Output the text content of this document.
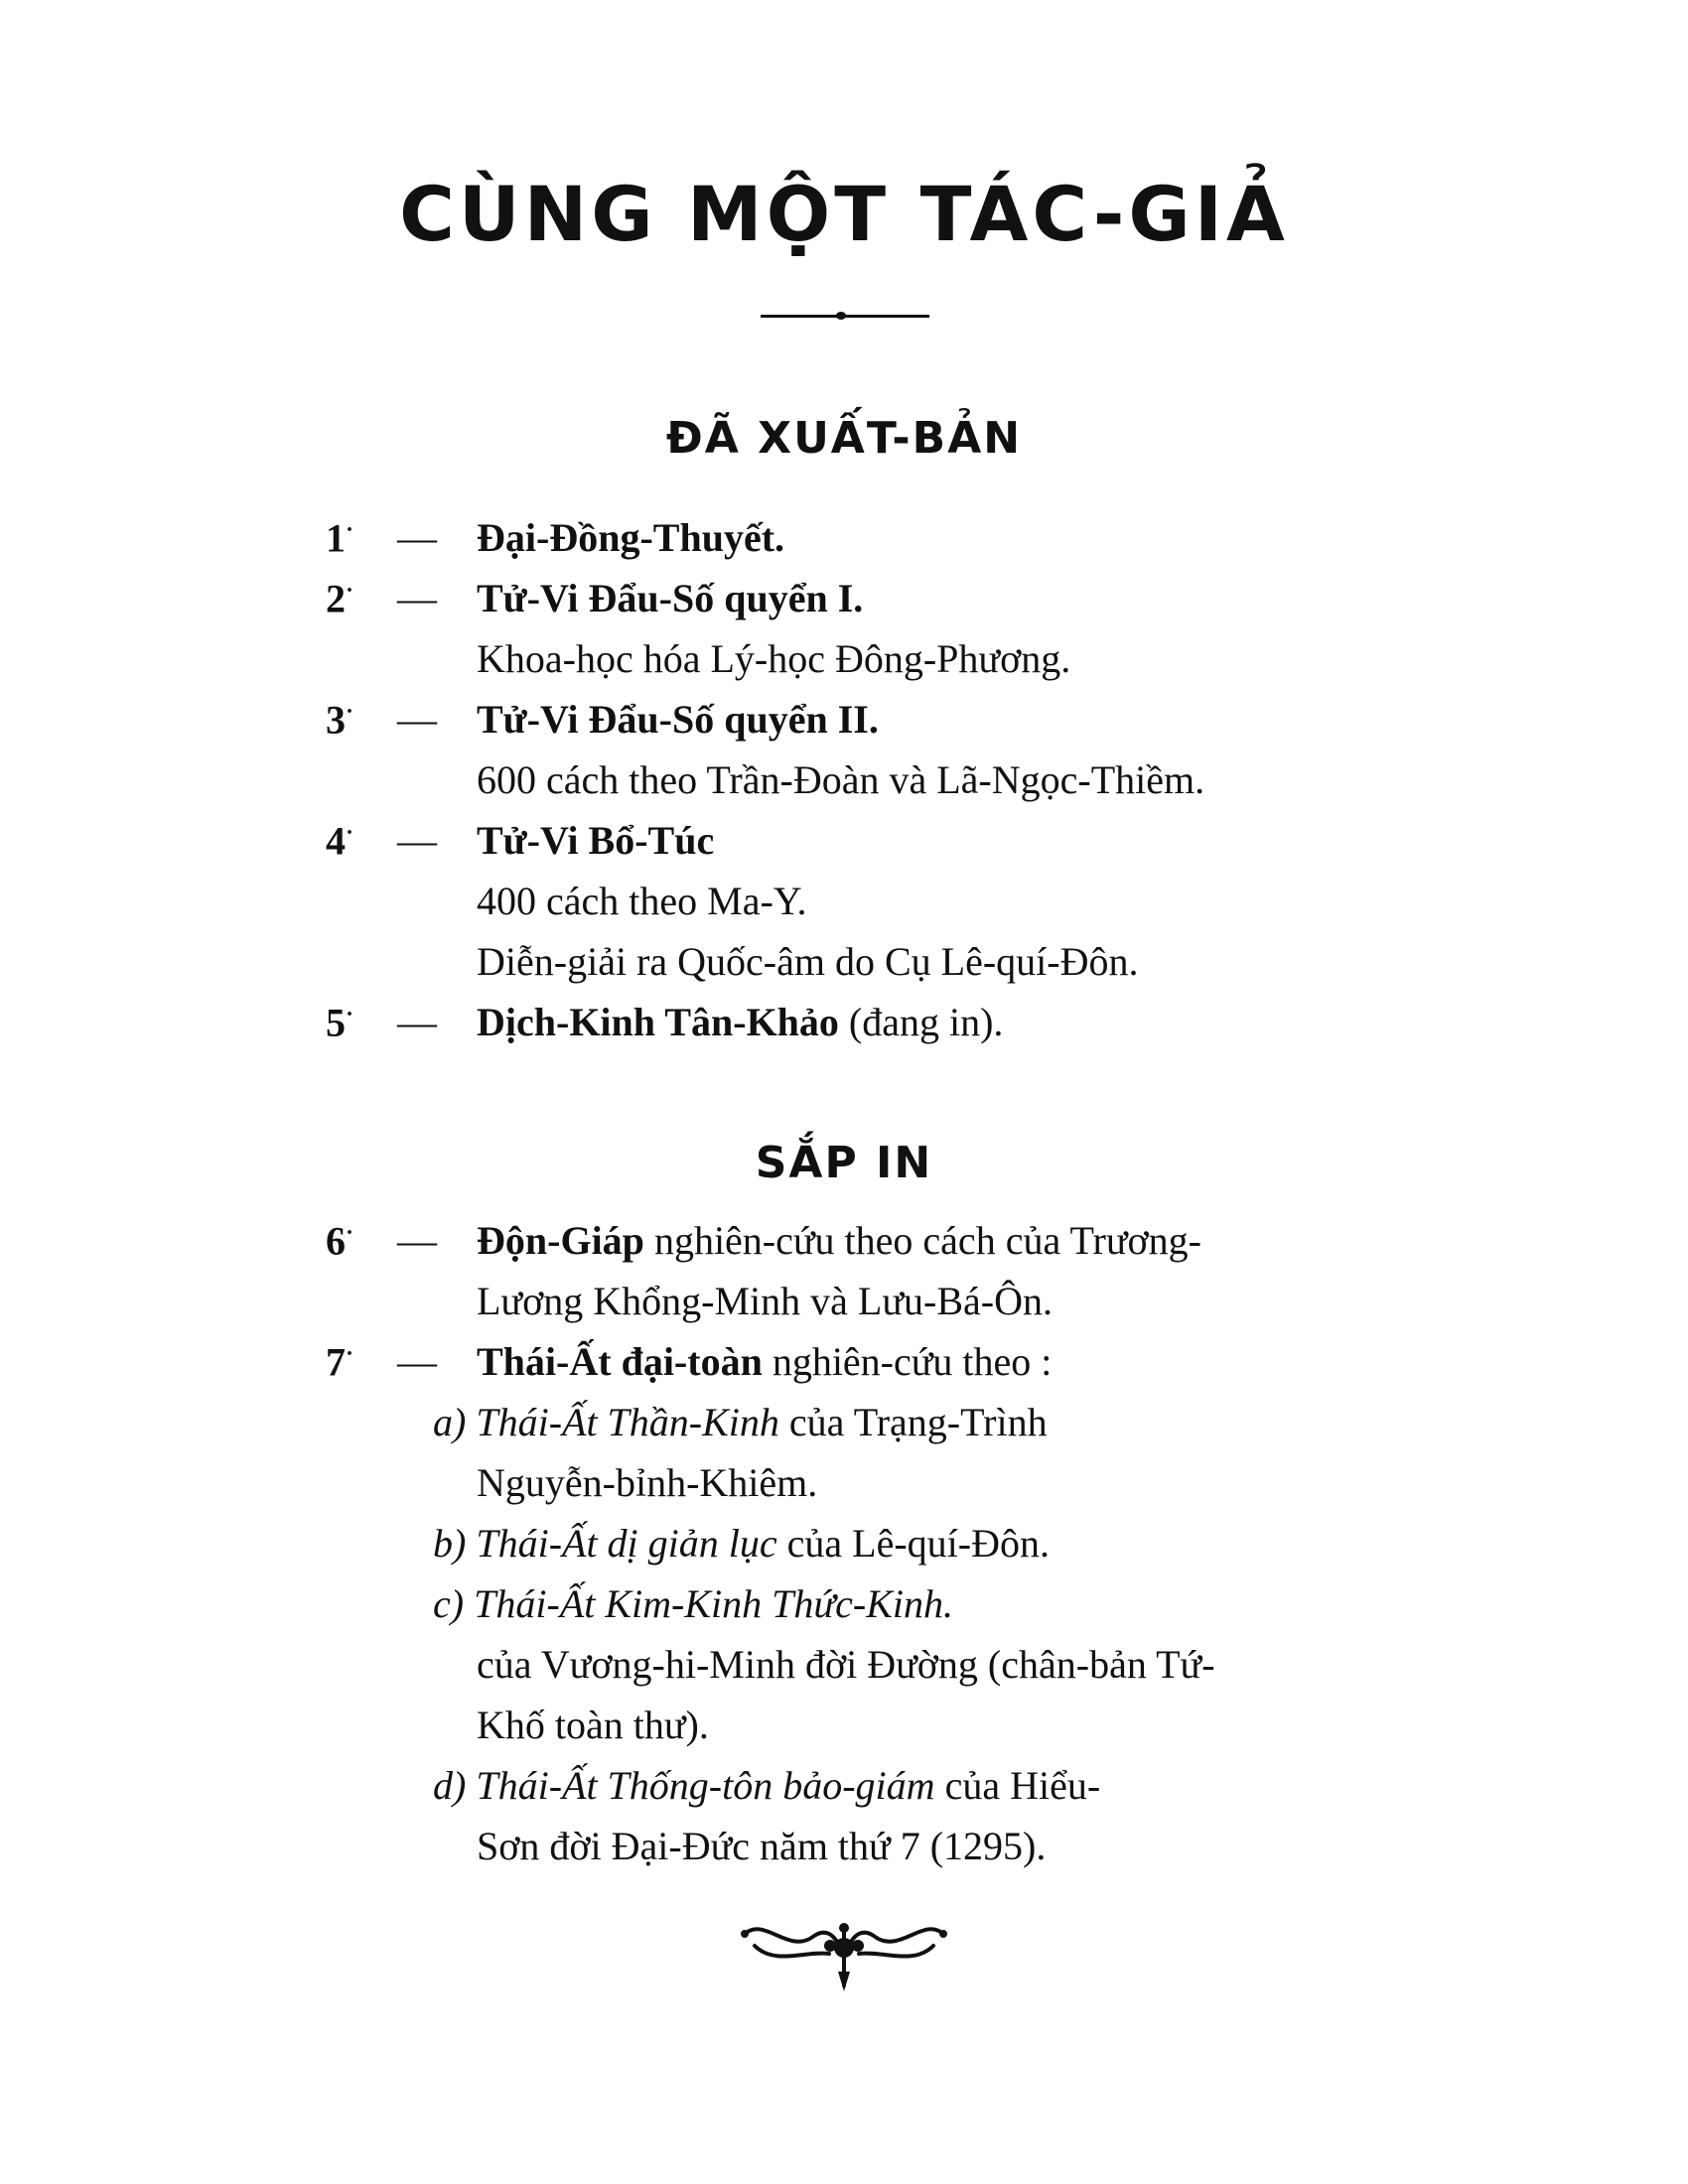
CÙNG MỘT TÁC-GIẢ
ĐÃ XUẤT-BẢN
1· — Đại-Đồng-Thuyết.
2· — Tử-Vi Đẩu-Số quyển I.
Khoa-học hóa Lý-học Đông-Phương.
3· — Tử-Vi Đẩu-Số quyển II.
600 cách theo Trần-Đoàn và Lã-Ngọc-Thiềm.
4· — Tử-Vi Bổ-Túc
400 cách theo Ma-Y.
Diễn-giải ra Quốc-âm do Cụ Lê-quí-Đôn.
5· — Dịch-Kinh Tân-Khảo (đang in).
SẮP IN
6· — Độn-Giáp nghiên-cứu theo cách của Trương-
Lương Khổng-Minh và Lưu-Bá-Ôn.
7· — Thái-Ất đại-toàn nghiên-cứu theo :
a) Thái-Ất Thần-Kinh của Trạng-Trình
Nguyễn-bỉnh-Khiêm.
b) Thái-Ất dị giản lục của Lê-quí-Đôn.
c) Thái-Ất Kim-Kinh Thức-Kinh.
của Vương-hi-Minh đời Đường (chân-bản Tứ-
Khố toàn thư).
d) Thái-Ất Thống-tôn bảo-giám của Hiểu-
Sơn đời Đại-Đức năm thứ 7 (1295).
